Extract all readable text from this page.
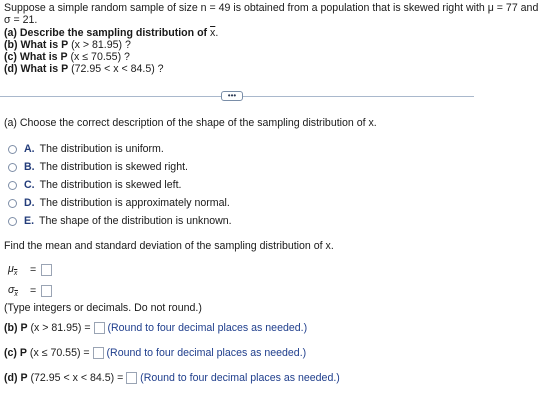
Suppose a simple random sample of size n = 49 is obtained from a population that is skewed right with μ = 77 and
σ = 21.
(a) Describe the sampling distribution of $\overline{x}$.
(b) What is P (x > 81.95) ?
(c) What is P (x ≤ 70.55) ?
(d) What is P (72.95 < x < 84.5) ?
•••
(a) Choose the correct description of the shape of the sampling distribution of x.
A. The distribution is uniform.
B. The distribution is skewed right.
C. The distribution is skewed left.
D. The distribution is approximately normal.
E. The shape of the distribution is unknown.
Find the mean and standard deviation of the sampling distribution of x.
$\mu_{\overline{x}}$	=
$\sigma_{\overline{x}}$	=
(Type integers or decimals. Do not round.)
(b) P (x > 81.95) = (Round to four decimal places as needed.)
(c) P (x ≤ 70.55) = (Round to four decimal places as needed.)
(d) P (72.95 < x < 84.5) = (Round to four decimal places as needed.)
